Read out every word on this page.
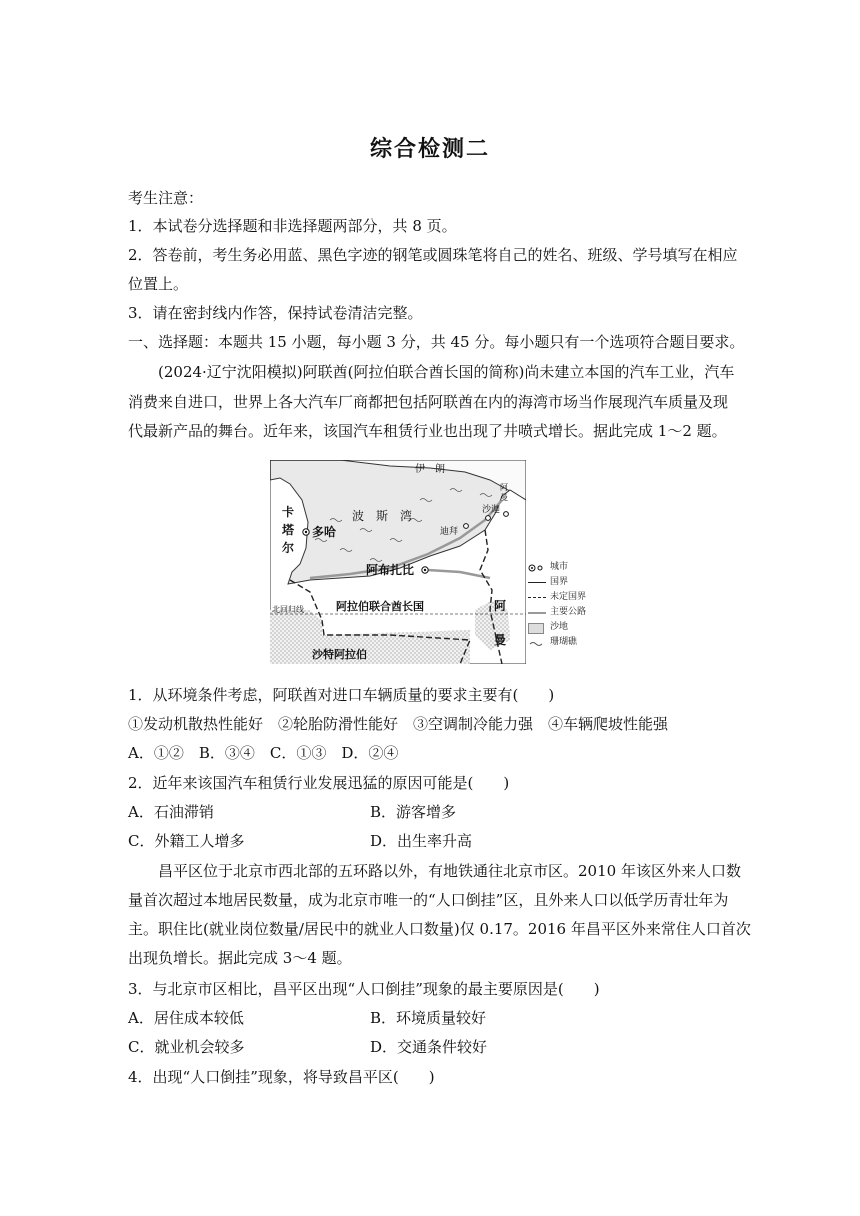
综合检测二
考生注意：
1．本试卷分选择题和非选择题两部分，共 8 页。
2．答卷前，考生务必用蓝、黑色字迹的钢笔或圆珠笔将自己的姓名、班级、学号填写在相应
位置上。
3．请在密封线内作答，保持试卷清洁完整。
一、选择题：本题共 15 小题，每小题 3 分，共 45 分。每小题只有一个选项符合题目要求。
(2024·辽宁沈阳模拟)阿联酋(阿拉伯联合酋长国的简称)尚未建立本国的汽车工业，汽车
消费来自进口，世界上各大汽车厂商都把包括阿联酋在内的海湾市场当作展现汽车质量及现
代最新产品的舞台。近年来，该国汽车租赁行业也出现了井喷式增长。据此完成 1～2 题。
伊　朗
波　斯　湾
卡
塔
尔
多哈
阿
曼
沙迦
迪拜
阿布扎比
阿拉伯联合酋长国	阿
曼
北回归线
沙特阿拉伯
城市
国界
未定国界
主要公路
沙地
珊瑚礁
1．从环境条件考虑，阿联酋对进口车辆质量的要求主要有(　　)
①发动机散热性能好　②轮胎防滑性能好　③空调制冷能力强　④车辆爬坡性能强
A．①②　B．③④　C．①③　D．②④
2．近年来该国汽车租赁行业发展迅猛的原因可能是(　　)
A．石油滞销	B．游客增多
C．外籍工人增多	D．出生率升高
昌平区位于北京市西北部的五环路以外，有地铁通往北京市区。2010 年该区外来人口数
量首次超过本地居民数量，成为北京市唯一的“人口倒挂”区，且外来人口以低学历青壮年为
主。职住比(就业岗位数量/居民中的就业人口数量)仅 0.17。2016 年昌平区外来常住人口首次
出现负增长。据此完成 3～4 题。
3．与北京市区相比，昌平区出现“人口倒挂”现象的最主要原因是(　　)
A．居住成本较低	B．环境质量较好
C．就业机会较多	D．交通条件较好
4．出现“人口倒挂”现象，将导致昌平区(　　)
